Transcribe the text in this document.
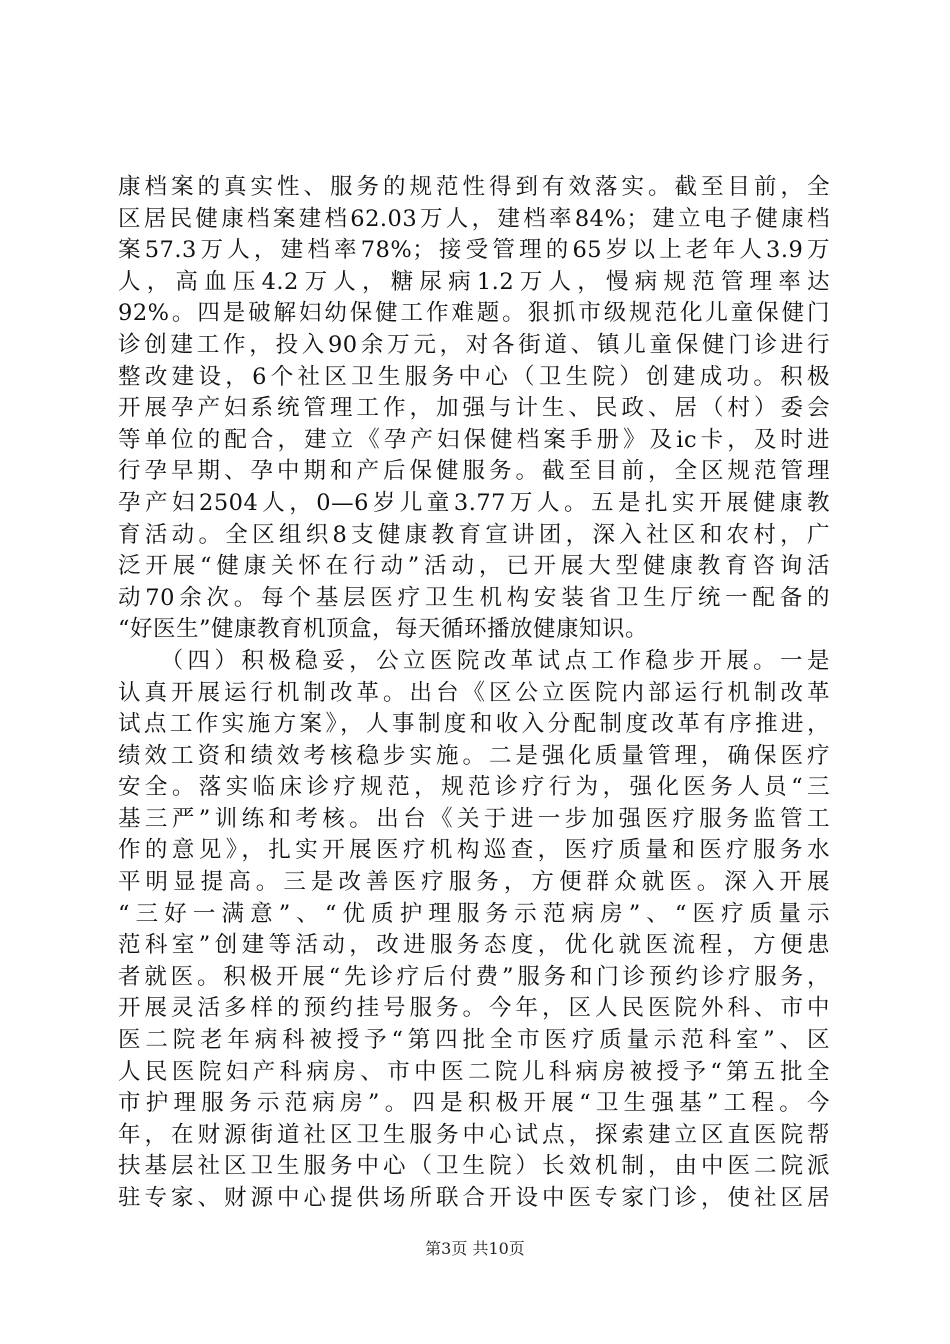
康档案的真实性、服务的规范性得到有效落实。截至目前，全
区居民健康档案建档62.03万人，建档率84%；建立电子健康档
案57.3万人，建档率78%；接受管理的65岁以上老年人3.9万
人，高血压4.2万人，糖尿病1.2万人，慢病规范管理率达
92%。四是破解妇幼保健工作难题。狠抓市级规范化儿童保健门
诊创建工作，投入90余万元，对各街道、镇儿童保健门诊进行
整改建设，6个社区卫生服务中心（卫生院）创建成功。积极
开展孕产妇系统管理工作，加强与计生、民政、居（村）委会
等单位的配合，建立《孕产妇保健档案手册》及ic卡，及时进
行孕早期、孕中期和产后保健服务。截至目前，全区规范管理
孕产妇2504人，0—6岁儿童3.77万人。五是扎实开展健康教
育活动。全区组织8支健康教育宣讲团，深入社区和农村，广
泛开展“健康关怀在行动”活动，已开展大型健康教育咨询活
动70余次。每个基层医疗卫生机构安装省卫生厅统一配备的
“好医生”健康教育机顶盒，每天循环播放健康知识。
　　（四）积极稳妥，公立医院改革试点工作稳步开展。一是
认真开展运行机制改革。出台《区公立医院内部运行机制改革
试点工作实施方案》，人事制度和收入分配制度改革有序推进，
绩效工资和绩效考核稳步实施。二是强化质量管理，确保医疗
安全。落实临床诊疗规范，规范诊疗行为，强化医务人员“三
基三严”训练和考核。出台《关于进一步加强医疗服务监管工
作的意见》，扎实开展医疗机构巡查，医疗质量和医疗服务水
平明显提高。三是改善医疗服务，方便群众就医。深入开展
“三好一满意”、“优质护理服务示范病房”、“医疗质量示
范科室”创建等活动，改进服务态度，优化就医流程，方便患
者就医。积极开展“先诊疗后付费”服务和门诊预约诊疗服务，
开展灵活多样的预约挂号服务。今年，区人民医院外科、市中
医二院老年病科被授予“第四批全市医疗质量示范科室”、区
人民医院妇产科病房、市中医二院儿科病房被授予“第五批全
市护理服务示范病房”。四是积极开展“卫生强基”工程。今
年，在财源街道社区卫生服务中心试点，探索建立区直医院帮
扶基层社区卫生服务中心（卫生院）长效机制，由中医二院派
驻专家、财源中心提供场所联合开设中医专家门诊，使社区居
第3页 共10页
